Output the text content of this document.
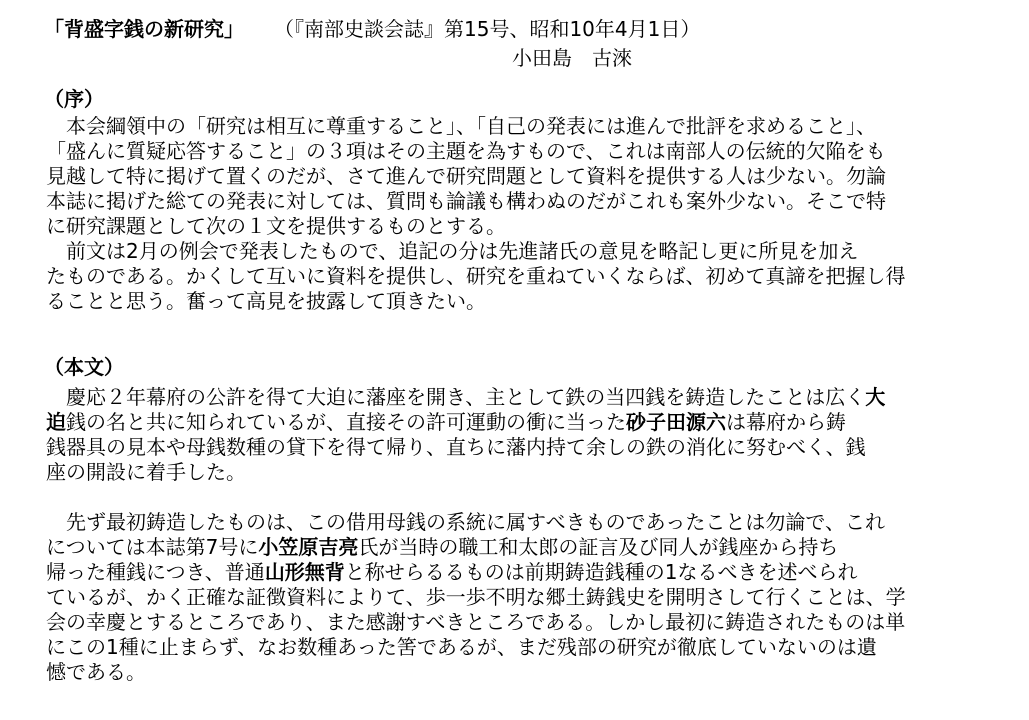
「背盛字銭の新研究」 （『南部史談会誌』第15号、昭和10年4月1日）
小田島　古淶
（序）

　本会綱領中の「研究は相互に尊重すること」、「自己の発表には進んで批評を求めること」、
「盛んに質疑応答すること」の３項はその主題を為すもので、これは南部人の伝統的欠陥をも
見越して特に掲げて置くのだが、さて進んで研究問題として資料を提供する人は少ない。勿論
本誌に掲げた総ての発表に対しては、質問も論議も構わぬのだがこれも案外少ない。そこで特
に研究課題として次の１文を提供するものとする。

　前文は2月の例会で発表したもので、追記の分は先進諸氏の意見を略記し更に所見を加え
たものである。かくして互いに資料を提供し、研究を重ねていくならば、初めて真諦を把握し得
ることと思う。奮って高見を披露して頂きたい。

（本文）

　慶応２年幕府の公許を得て大迫に藩座を開き、主として鉄の当四銭を鋳造したことは広く大
迫銭の名と共に知られているが、直接その許可運動の衝に当った砂子田源六は幕府から鋳
銭器具の見本や母銭数種の貸下を得て帰り、直ちに藩内持て余しの鉄の消化に努むべく、銭
座の開設に着手した。

　先ず最初鋳造したものは、この借用母銭の系統に属すべきものであったことは勿論で、これ
については本誌第7号に小笠原吉亮氏が当時の職工和太郎の証言及び同人が銭座から持ち
帰った種銭につき、普通山形無背と称せらるるものは前期鋳造銭種の1なるべきを述べられ
ているが、かく正確な証徴資料によりて、歩一歩不明な郷土鋳銭史を開明さして行くことは、学
会の幸慶とするところであり、また感謝すべきところである。しかし最初に鋳造されたものは単
にこの1種に止まらず、なお数種あった筈であるが、まだ残部の研究が徹底していないのは遺
憾である。
